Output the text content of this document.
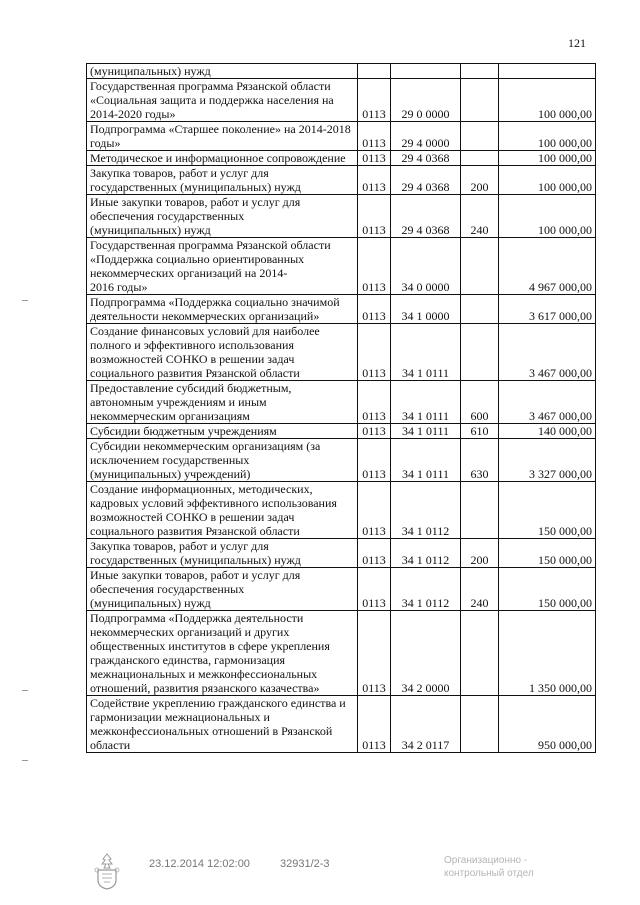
121
(муниципальных) нужд				
Государственная программа Рязанской области «Социальная защита и поддержка населения на 2014-2020 годы»	0113	29 0 0000		100 000,00
Подпрограмма «Старшее поколение» на 2014-2018 годы»	0113	29 4 0000		100 000,00
Методическое и информационное сопровождение	0113	29 4 0368		100 000,00
Закупка товаров, работ и услуг для государственных (муниципальных) нужд	0113	29 4 0368	200	100 000,00
Иные закупки товаров, работ и услуг для обеспечения государственных
(муниципальных) нужд	0113	29 4 0368	240	100 000,00
Государственная программа Рязанской области «Поддержка социально ориентированных некоммерческих организаций на 2014-
2016 годы»	0113	34 0 0000		4 967 000,00
Подпрограмма «Поддержка социально значимой деятельности некоммерческих организаций»	0113	34 1 0000		3 617 000,00
Создание финансовых условий для наиболее полного и эффективного использования возможностей СОНКО в решении задач социального развития Рязанской области	0113	34 1 0111		3 467 000,00
Предоставление субсидий бюджетным, автономным учреждениям и иным некоммерческим организациям	0113	34 1 0111	600	3 467 000,00
Субсидии бюджетным учреждениям	0113	34 1 0111	610	140 000,00
Субсидии некоммерческим организациям (за исключением государственных
(муниципальных) учреждений)	0113	34 1 0111	630	3 327 000,00
Создание информационных, методических, кадровых условий эффективного использования возможностей СОНКО в решении задач социального развития Рязанской области	0113	34 1 0112		150 000,00
Закупка товаров, работ и услуг для государственных (муниципальных) нужд	0113	34 1 0112	200	150 000,00
Иные закупки товаров, работ и услуг для обеспечения государственных
(муниципальных) нужд	0113	34 1 0112	240	150 000,00
Подпрограмма «Поддержка деятельности некоммерческих организаций и других общественных институтов в сфере укрепления гражданского единства, гармонизация межнациональных и межконфессиональных отношений, развития рязанского казачества»	0113	34 2 0000		1 350 000,00
Содействие укреплению гражданского единства и гармонизации межнациональных и межконфессиональных отношений в Рязанской области	0113	34 2 0117		950 000,00
23.12.2014 12:02:00	32931/2-3	Организационно -
контрольный отдел
